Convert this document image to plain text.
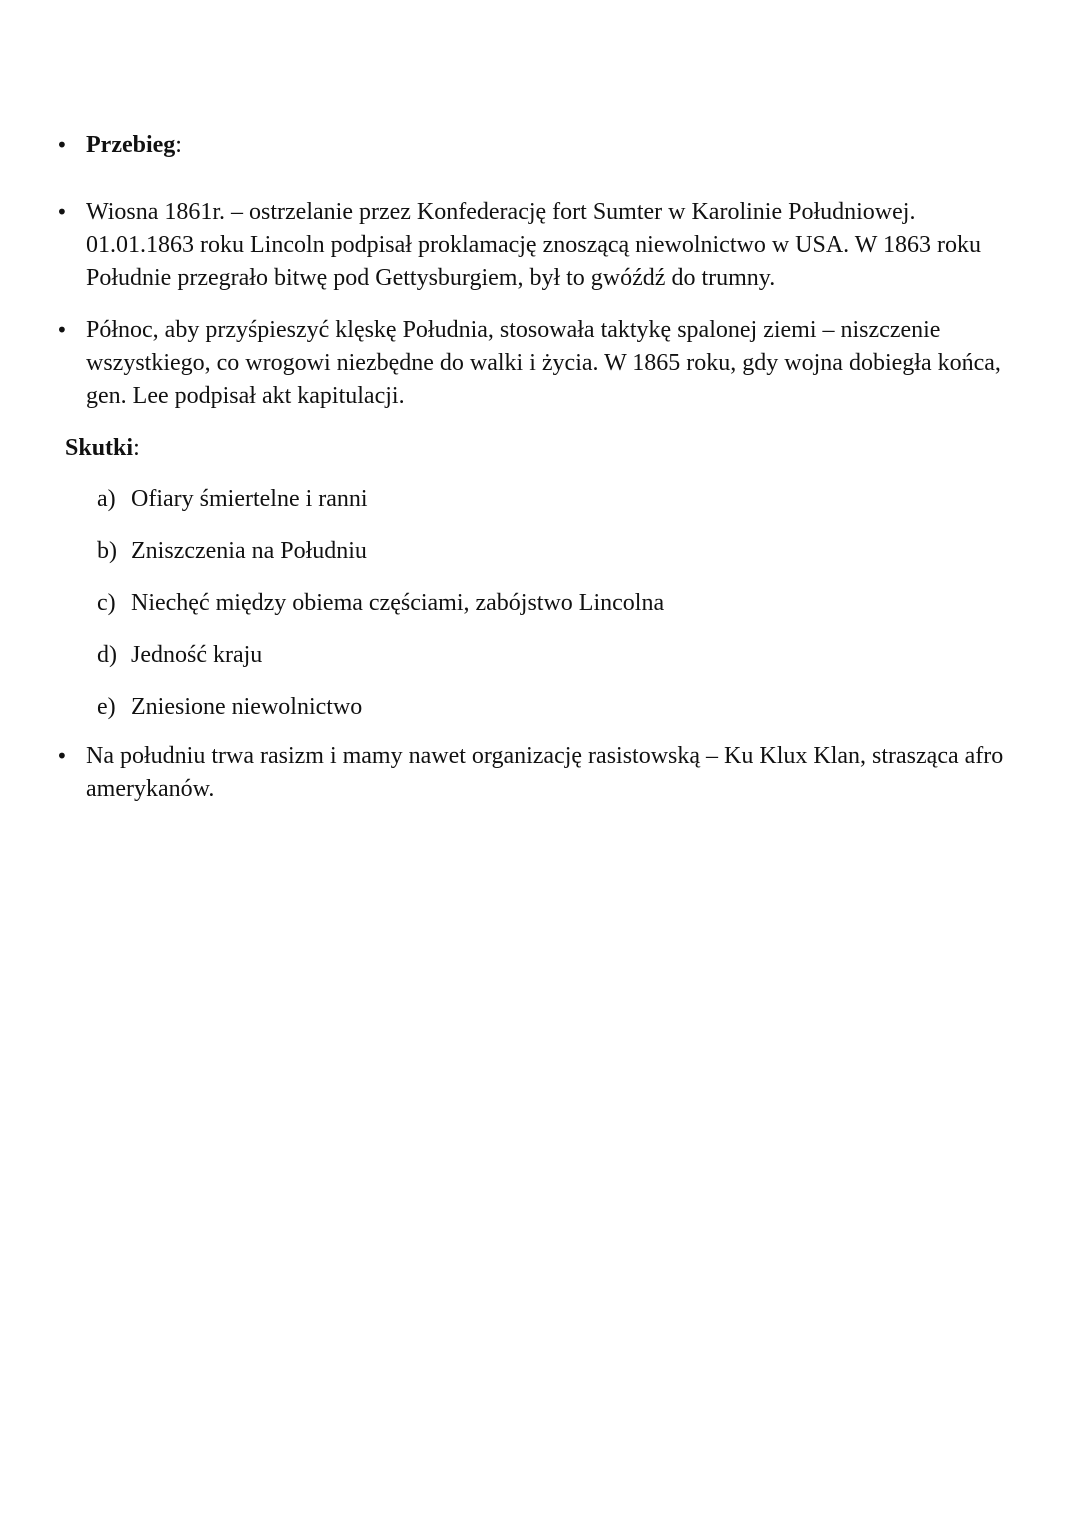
• Przebieg:
• Wiosna 1861r. – ostrzelanie przez Konfederację fort Sumter w Karolinie Południowej. 01.01.1863 roku Lincoln podpisał proklamację znoszącą niewolnictwo w USA. W 1863 roku Południe przegrało bitwę pod Gettysburgiem, był to gwóźdź do trumny.
• Północ, aby przyśpieszyć klęskę Południa, stosowała taktykę spalonej ziemi – niszczenie wszystkiego, co wrogowi niezbędne do walki i życia. W 1865 roku, gdy wojna dobiegła końca, gen. Lee podpisał akt kapitulacji.
Skutki:
a) Ofiary śmiertelne i ranni
b) Zniszczenia na Południu
c) Niechęć między obiema częściami, zabójstwo Lincolna
d) Jedność kraju
e) Zniesione niewolnictwo
• Na południu trwa rasizm i mamy nawet organizację rasistowską – Ku Klux Klan, strasząca afro amerykanów.
